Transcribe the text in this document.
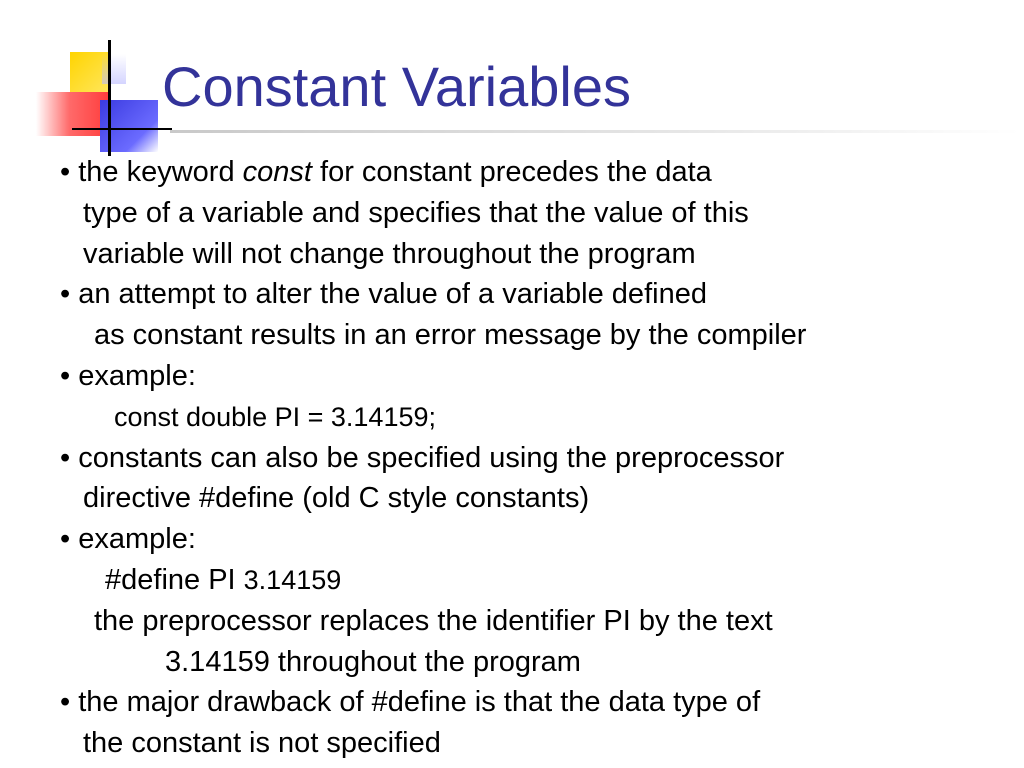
Constant Variables
• the keyword const for constant precedes the data
type of a variable and specifies that the value of this
variable will not change throughout the program
• an attempt to alter the value of a variable defined
as constant results in an error message by the compiler
• example:
const double PI = 3.14159;
• constants can also be specified using the preprocessor
directive #define (old C style constants)
• example:
#define PI 3.14159
the preprocessor replaces the identifier PI by the text
3.14159 throughout the program
• the major drawback of #define is that the data type of
the constant is not specified
